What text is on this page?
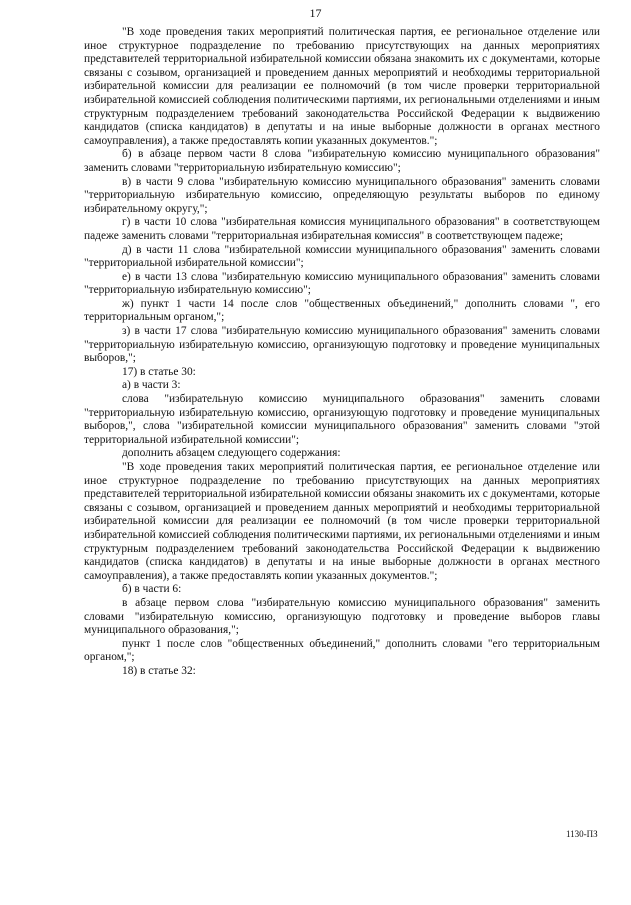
17

"В ходе проведения таких мероприятий политическая партия, ее региональное отделение или иное структурное подразделение по требованию присутствующих на данных мероприятиях представителей территориальной избирательной комиссии обязана знакомить их с документами, которые связаны с созывом, организацией и проведением данных мероприятий и необходимы территориальной избирательной комиссии для реализации ее полномочий (в том числе проверки территориальной избирательной комиссией соблюдения политическими партиями, их региональными отделениями и иным структурным подразделением требований законодательства Российской Федерации к выдвижению кандидатов (списка кандидатов) в депутаты и на иные выборные должности в органах местного самоуправления), а также предоставлять копии указанных документов.";

б) в абзаце первом части 8 слова "избирательную комиссию муниципального образования" заменить словами "территориальную избирательную комиссию";

в) в части 9 слова "избирательную комиссию муниципального образования" заменить словами "территориальную избирательную комиссию, определяющую результаты выборов по единому избирательному округу,";

г) в части 10 слова "избирательная комиссия муниципального образования" в соответствующем падеже заменить словами "территориальная избирательная комиссия" в соответствующем падеже;

д) в части 11 слова "избирательной комиссии муниципального образования" заменить словами "территориальной избирательной комиссии";

е) в части 13 слова "избирательную комиссию муниципального образования" заменить словами "территориальную избирательную комиссию";

ж) пункт 1 части 14 после слов "общественных объединений," дополнить словами ", его территориальным органом,";

з) в части 17 слова "избирательную комиссию муниципального образования" заменить словами "территориальную избирательную комиссию, организующую подготовку и проведение муниципальных выборов,";

17) в статье 30:

а) в части 3:

слова "избирательную комиссию муниципального образования" заменить словами "территориальную избирательную комиссию, организующую подготовку и проведение муниципальных выборов,", слова "избирательной комиссии муниципального образования" заменить словами "этой территориальной избирательной комиссии";

дополнить абзацем следующего содержания:

"В ходе проведения таких мероприятий политическая партия, ее региональное отделение или иное структурное подразделение по требованию присутствующих на данных мероприятиях представителей территориальной избирательной комиссии обязаны знакомить их с документами, которые связаны с созывом, организацией и проведением данных мероприятий и необходимы территориальной избирательной комиссии для реализации ее полномочий (в том числе проверки территориальной избирательной комиссией соблюдения политическими партиями, их региональными отделениями и иным структурным подразделением требований законодательства Российской Федерации к выдвижению кандидатов (списка кандидатов) в депутаты и на иные выборные должности в органах местного самоуправления), а также предоставлять копии указанных документов.";

б) в части 6:

в абзаце первом слова "избирательную комиссию муниципального образования" заменить словами "избирательную комиссию, организующую подготовку и проведение выборов главы муниципального образования,";

пункт 1 после слов "общественных объединений," дополнить словами "его территориальным органом,";

18) в статье 32:

1130-ПЗ
